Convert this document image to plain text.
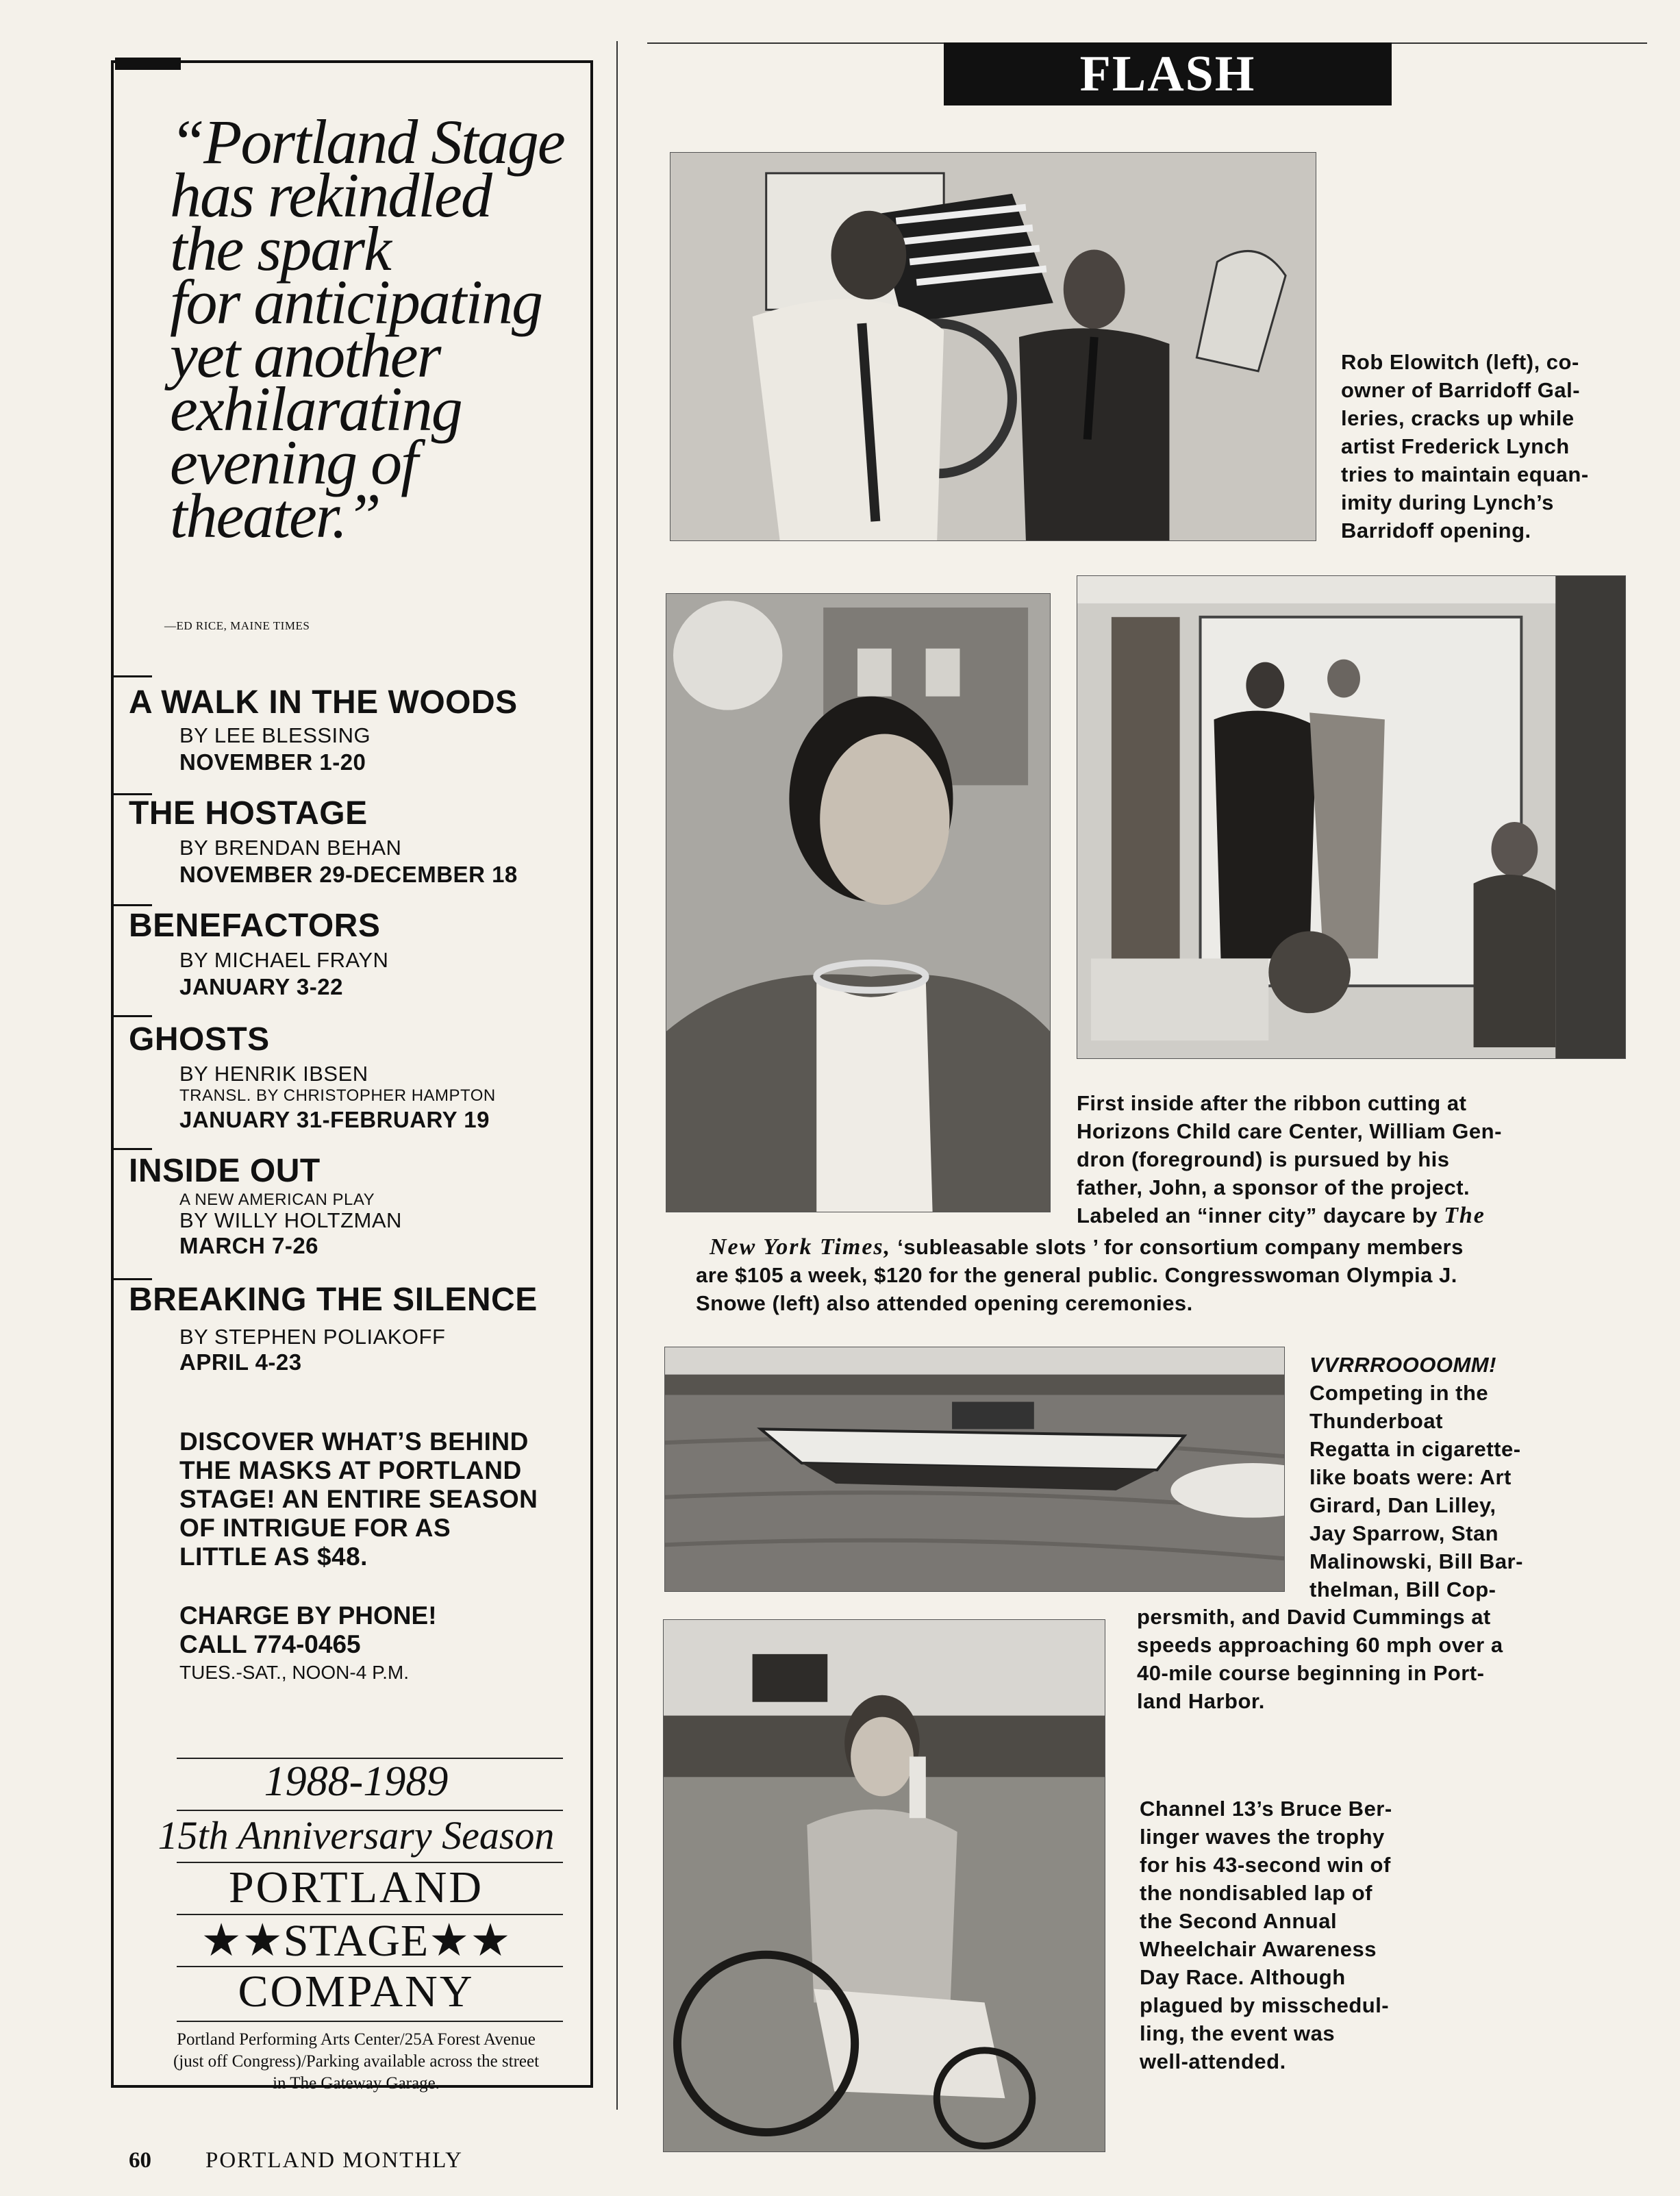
“Portland Stage
has rekindled
the spark
for anticipating
yet another
exhilarating
evening of
theater.”

—ED RICE, MAINE TIMES
A WALK IN THE WOODS
BY LEE BLESSING
NOVEMBER 1-20
THE HOSTAGE
BY BRENDAN BEHAN
NOVEMBER 29-DECEMBER 18
BENEFACTORS
BY MICHAEL FRAYN
JANUARY 3-22
GHOSTS
BY HENRIK IBSEN
TRANSL. BY CHRISTOPHER HAMPTON
JANUARY 31-FEBRUARY 19
INSIDE OUT
A NEW AMERICAN PLAY
BY WILLY HOLTZMAN
MARCH 7-26
BREAKING THE SILENCE
BY STEPHEN POLIAKOFF
APRIL 4-23

DISCOVER WHAT’S BEHIND
THE MASKS AT PORTLAND
STAGE! AN ENTIRE SEASON
OF INTRIGUE FOR AS
LITTLE AS $48.

CHARGE BY PHONE!
CALL 774-0465
TUES.-SAT., NOON-4 P.M.
1988-1989
15th Anniversary Season
PORTLAND
★★STAGE★★
COMPANY
Portland Performing Arts Center/25A Forest Avenue
(just off Congress)/Parking available across the street
in The Gateway Garage.
FLASH

Rob Elowitch (left), co-
owner of Barridoff Gal-
leries, cracks up while
artist Frederick Lynch
tries to maintain equan-
imity during Lynch’s
Barridoff opening.

First inside after the ribbon cutting at
Horizons Child care Center, William Gen-
dron (foreground) is pursued by his
father, John, a sponsor of the project.
Labeled an “inner city” daycare by The

New York Times, ‘subleasable slots ’ for consortium company members
are $105 a week, $120 for the general public. Congresswoman Olympia J.
Snowe (left) also attended opening ceremonies.

VVRRROOOOMM!
Competing in the
Thunderboat
Regatta in cigarette-
like boats were: Art
Girard, Dan Lilley,
Jay Sparrow, Stan
Malinowski, Bill Bar-
thelman, Bill Cop-

persmith, and David Cummings at
speeds approaching 60 mph over a
40-mile course beginning in Port-
land Harbor.

Channel 13’s Bruce Ber-
linger waves the trophy
for his 43-second win of
the nondisabled lap of
the Second Annual
Wheelchair Awareness
Day Race. Although
plagued by misschedul-
ling, the event was
well-attended.

60 PORTLAND MONTHLY
